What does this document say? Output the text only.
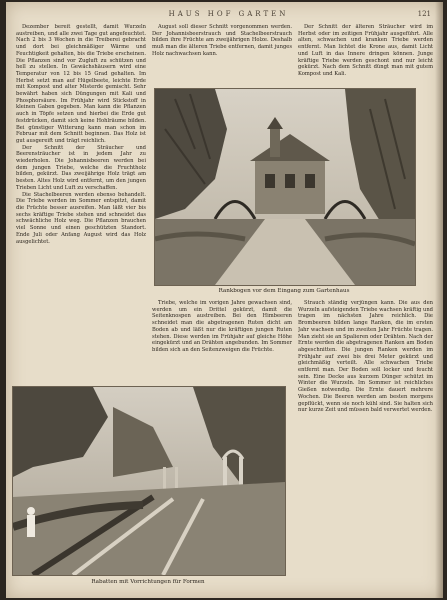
HAUS HOF GARTEN	121

Dezember bereit gestellt, damit Wurzeln austreiben, und alle zwei Tage gut angefeuchtet. Nach 2 bis 3 Wochen in die Treiberei gebracht und dort bei gleichmäßiger Wärme und Feuchtigkeit gehalten, bis die Triebe erscheinen. Die Pflanzen sind vor Zugluft zu schützen und hell zu stellen. In Gewächshäusern wird eine Temperatur von 12 bis 15 Grad gehalten. Im Herbst setzt man auf Hügelbeete, leichte Erde mit Kompost und alter Misterde gemischt. Sehr bewährt haben sich Düngungen mit Kali und Phosphorsäure. Im Frühjahr wird Stickstoff in kleinen Gaben gegeben. Man kann die Pflanzen auch in Töpfe setzen und hierbei die Erde gut festdrücken, damit sich keine Hohlräume bilden. Bei günstiger Witterung kann man schon im Februar mit dem Schnitt beginnen. Das Holz ist gut ausgereift und trägt reichlich.

Der Schnitt der Sträucher und Beerensträucher ist in jedem Jahr zu wiederholen. Die Johannisbeeren werden bei dem jungen Triebe, welche die Fruchtholz bilden, gekürzt. Das zweijährige Holz trägt am besten. Altes Holz wird entfernt, um den jungen Trieben Licht und Luft zu verschaffen.

Die Stachelbeeren werden ebenso behandelt. Die Triebe werden im Sommer entspitzt, damit die Früchte besser ausreifen. Man läßt vier bis sechs kräftige Triebe stehen und schneidet das schwächliche Holz weg. Die Pflanzen brauchen viel Sonne und einen geschützten Standort. Ende Juli oder Anfang August wird das Holz ausgelichtet.

August soll dieser Schnitt vorgenommen werden. Der Johannisbeerstrauch und Stachelbeerstrauch bilden ihre Früchte am zweijährigen Holze. Deshalb muß man die älteren Triebe entfernen, damit junges Holz nachwachsen kann.

Der Schnitt der älteren Sträucher wird im Herbst oder im zeitigen Frühjahr ausgeführt. Alle alten, schwachen und kranken Triebe werden entfernt. Man lichtet die Krone aus, damit Licht und Luft in das Innere dringen können. Junge kräftige Triebe werden geschont und nur leicht gekürzt. Nach dem Schnitt düngt man mit gutem Kompost und Kali.

Rankbogen vor dem Eingang zum Gartenhaus

Triebe, welche im vorigen Jahre gewachsen sind, werden um ein Drittel gekürzt, damit die Seitenknospen austreiben. Bei den Himbeeren schneidet man die abgetragenen Ruten dicht am Boden ab und läßt nur die kräftigen jungen Ruten stehen. Diese werden im Frühjahr auf gleiche Höhe eingekürzt und an Drähten angebunden. Im Sommer bilden sich an den Seitenzweigen die Früchte.

Strauch ständig verjüngen kann. Die aus den Wurzeln aufsteigenden Triebe wachsen kräftig und tragen im nächsten Jahre reichlich. Die Brombeeren bilden lange Ranken, die im ersten Jahr wachsen und im zweiten Jahr Früchte tragen. Man zieht sie an Spalieren oder Drähten. Nach der Ernte werden die abgetragenen Ranken am Boden abgeschnitten. Die jungen Ranken werden im Frühjahr auf zwei bis drei Meter gekürzt und gleichmäßig verteilt. Alle schwachen Triebe entfernt man. Der Boden soll locker und feucht sein. Eine Decke aus kurzem Dünger schützt im Winter die Wurzeln. Im Sommer ist reichliches Gießen notwendig. Die Ernte dauert mehrere Wochen. Die Beeren werden am besten morgens gepflückt, wenn sie noch kühl sind. Sie halten sich nur kurze Zeit und müssen bald verwertet werden.

Rabatten mit Vorrichtungen für Formen
